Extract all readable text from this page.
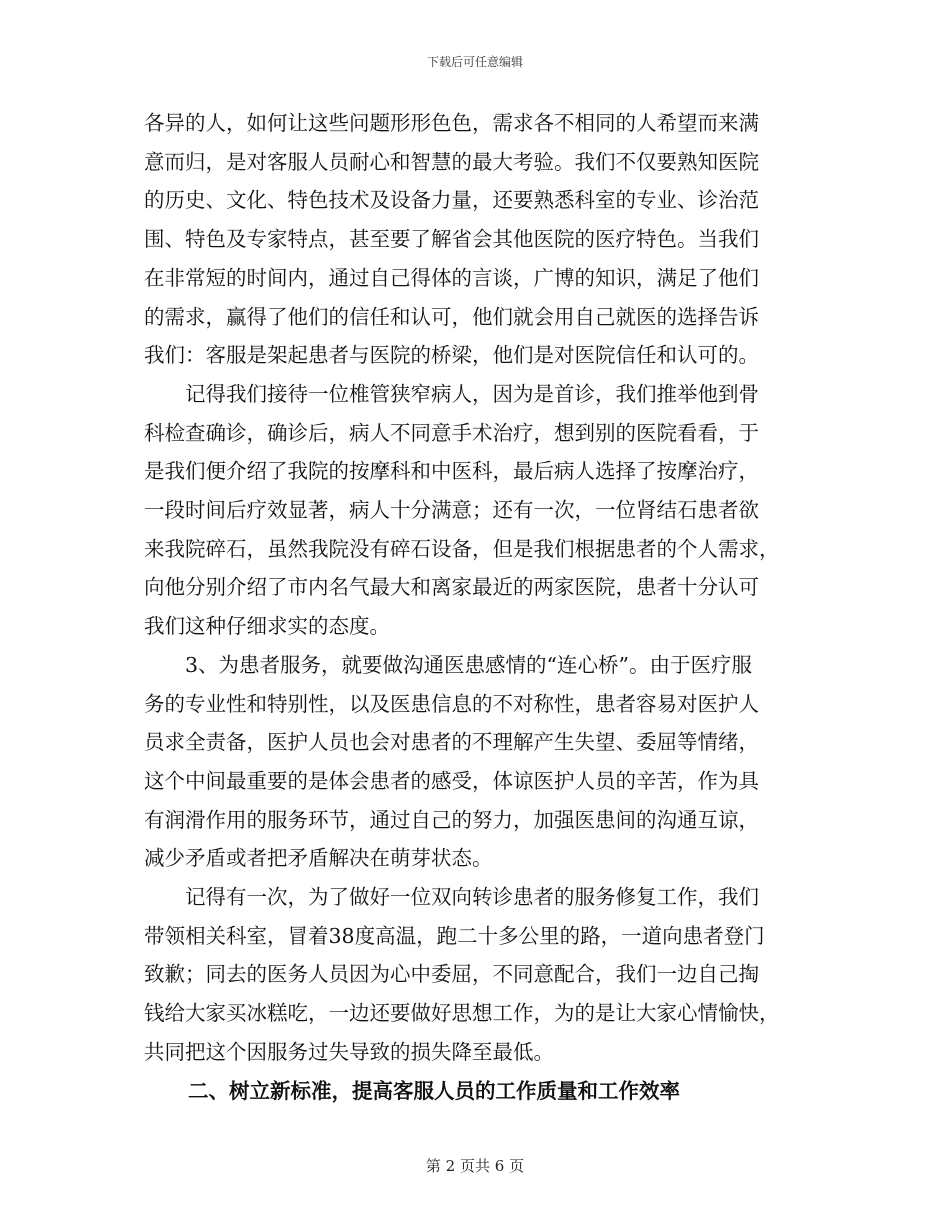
下载后可任意编辑
各异的人，如何让这些问题形形色色，需求各不相同的人希望而来满
意而归，是对客服人员耐心和智慧的最大考验。我们不仅要熟知医院
的历史、文化、特色技术及设备力量，还要熟悉科室的专业、诊治范
围、特色及专家特点，甚至要了解省会其他医院的医疗特色。当我们
在非常短的时间内，通过自己得体的言谈，广博的知识，满足了他们
的需求，赢得了他们的信任和认可，他们就会用自己就医的选择告诉
我们：客服是架起患者与医院的桥梁，他们是对医院信任和认可的。
记得我们接待一位椎管狭窄病人，因为是首诊，我们推举他到骨
科检查确诊，确诊后，病人不同意手术治疗，想到别的医院看看，于
是我们便介绍了我院的按摩科和中医科，最后病人选择了按摩治疗，
一段时间后疗效显著，病人十分满意；还有一次，一位肾结石患者欲
来我院碎石，虽然我院没有碎石设备，但是我们根据患者的个人需求，
向他分别介绍了市内名气最大和离家最近的两家医院，患者十分认可
我们这种仔细求实的态度。
3、为患者服务，就要做沟通医患感情的“连心桥”。由于医疗服
务的专业性和特别性，以及医患信息的不对称性，患者容易对医护人
员求全责备，医护人员也会对患者的不理解产生失望、委屈等情绪，
这个中间最重要的是体会患者的感受，体谅医护人员的辛苦，作为具
有润滑作用的服务环节，通过自己的努力，加强医患间的沟通互谅，
减少矛盾或者把矛盾解决在萌芽状态。
记得有一次，为了做好一位双向转诊患者的服务修复工作，我们
带领相关科室，冒着38度高温，跑二十多公里的路，一道向患者登门
致歉；同去的医务人员因为心中委屈，不同意配合，我们一边自己掏
钱给大家买冰糕吃，一边还要做好思想工作，为的是让大家心情愉快，
共同把这个因服务过失导致的损失降至最低。
二、树立新标准，提高客服人员的工作质量和工作效率
第 2 页共 6 页
